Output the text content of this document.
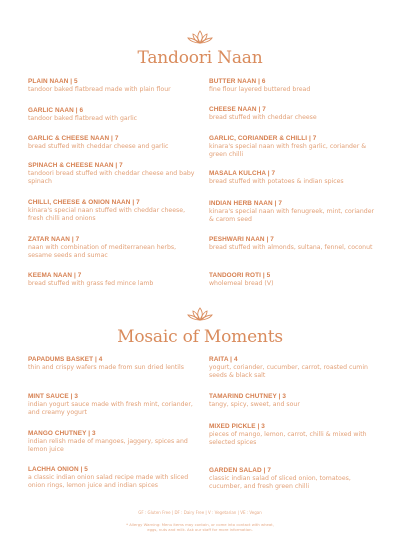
Tandoori Naan
PLAIN NAAN | 5
tandoor baked flatbread made with plain flour
GARLIC NAAN | 6
tandoor baked flatbread with garlic
GARLIC & CHEESE NAAN | 7
bread stuffed with cheddar cheese and garlic
SPINACH & CHEESE NAAN | 7
tandoori bread stuffed with cheddar cheese and baby spinach
CHILLI, CHEESE & ONION NAAN | 7
kinara's special naan stuffed with cheddar cheese, fresh chilli and onions
ZATAR NAAN | 7
naan with combination of mediterranean herbs, sesame seeds and sumac
KEEMA NAAN | 7
bread stuffed with grass fed mince lamb
BUTTER NAAN | 6
fine flour layered buttered bread
CHEESE NAAN | 7
bread stuffed with cheddar cheese
GARLIC, CORIANDER & CHILLI | 7
kinara's special naan with fresh garlic, coriander & green chilli
MASALA KULCHA | 7
bread stuffed with potatoes & indian spices
INDIAN HERB NAAN | 7
kinara's special naan with fenugreek, mint, coriander & carom seed
PESHWARI NAAN | 7
bread stuffed with almonds, sultana, fennel, coconut
TANDOORI ROTI | 5
wholemeal bread (V)
Mosaic of Moments
PAPADUMS BASKET | 4
thin and crispy wafers made from sun dried lentils
MINT SAUCE | 3
indian yogurt sauce made with fresh mint, coriander, and creamy yogurt
MANGO CHUTNEY | 3
indian relish made of mangoes, jaggery, spices and lemon juice
LACHHA ONION | 5
a classic indian onion salad recipe made with sliced onion rings, lemon juice and indian spices
RAITA | 4
yogurt, coriander, cucumber, carrot, roasted cumin seeds & black salt
TAMARIND CHUTNEY | 3
tangy, spicy, sweet, and sour
MIXED PICKLE | 3
pieces of mango, lemon, carrot, chilli & mixed with selected spices
GARDEN SALAD | 7
classic indian salad of sliced onion, tomatoes, cucumber, and fresh green chilli
GF : Gluten Free | DF : Dairy Free | V : Vegetarian | VE : Vegan
* Allergy Warning: Menu items may contain, or come into contact with wheat,
eggs, nuts and milk. Ask our staff for more information.
